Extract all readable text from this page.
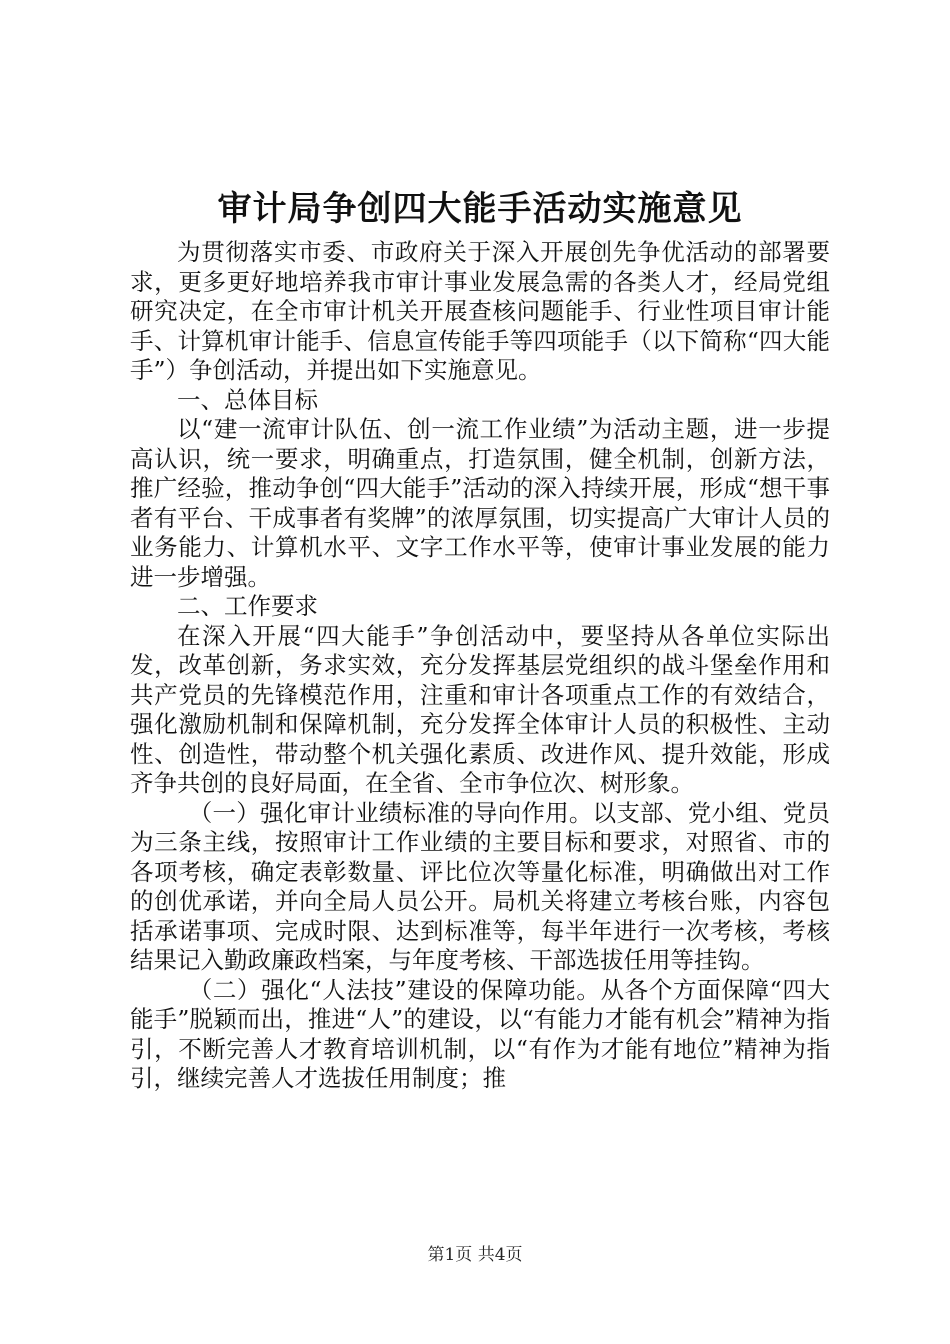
审计局争创四大能手活动实施意见

为贯彻落实市委、市政府关于深入开展创先争优活动的部署要求，更多更好地培养我市审计事业发展急需的各类人才，经局党组研究决定，在全市审计机关开展查核问题能手、行业性项目审计能手、计算机审计能手、信息宣传能手等四项能手（以下简称“四大能手”）争创活动，并提出如下实施意见。

一、总体目标

以“建一流审计队伍、创一流工作业绩”为活动主题，进一步提高认识，统一要求，明确重点，打造氛围，健全机制，创新方法，推广经验，推动争创“四大能手”活动的深入持续开展，形成“想干事者有平台、干成事者有奖牌”的浓厚氛围，切实提高广大审计人员的业务能力、计算机水平、文字工作水平等，使审计事业发展的能力进一步增强。

二、工作要求

在深入开展“四大能手”争创活动中，要坚持从各单位实际出发，改革创新，务求实效，充分发挥基层党组织的战斗堡垒作用和共产党员的先锋模范作用，注重和审计各项重点工作的有效结合，强化激励机制和保障机制，充分发挥全体审计人员的积极性、主动性、创造性，带动整个机关强化素质、改进作风、提升效能，形成齐争共创的良好局面，在全省、全市争位次、树形象。

（一）强化审计业绩标准的导向作用。以支部、党小组、党员为三条主线，按照审计工作业绩的主要目标和要求，对照省、市的各项考核，确定表彰数量、评比位次等量化标准，明确做出对工作的创优承诺，并向全局人员公开。局机关将建立考核台账，内容包括承诺事项、完成时限、达到标准等，每半年进行一次考核，考核结果记入勤政廉政档案，与年度考核、干部选拔任用等挂钩。

（二）强化“人法技”建设的保障功能。从各个方面保障“四大能手”脱颖而出，推进“人”的建设，以“有能力才能有机会”精神为指引，不断完善人才教育培训机制，以“有作为才能有地位”精神为指引，继续完善人才选拔任用制度；推

第1页 共4页
